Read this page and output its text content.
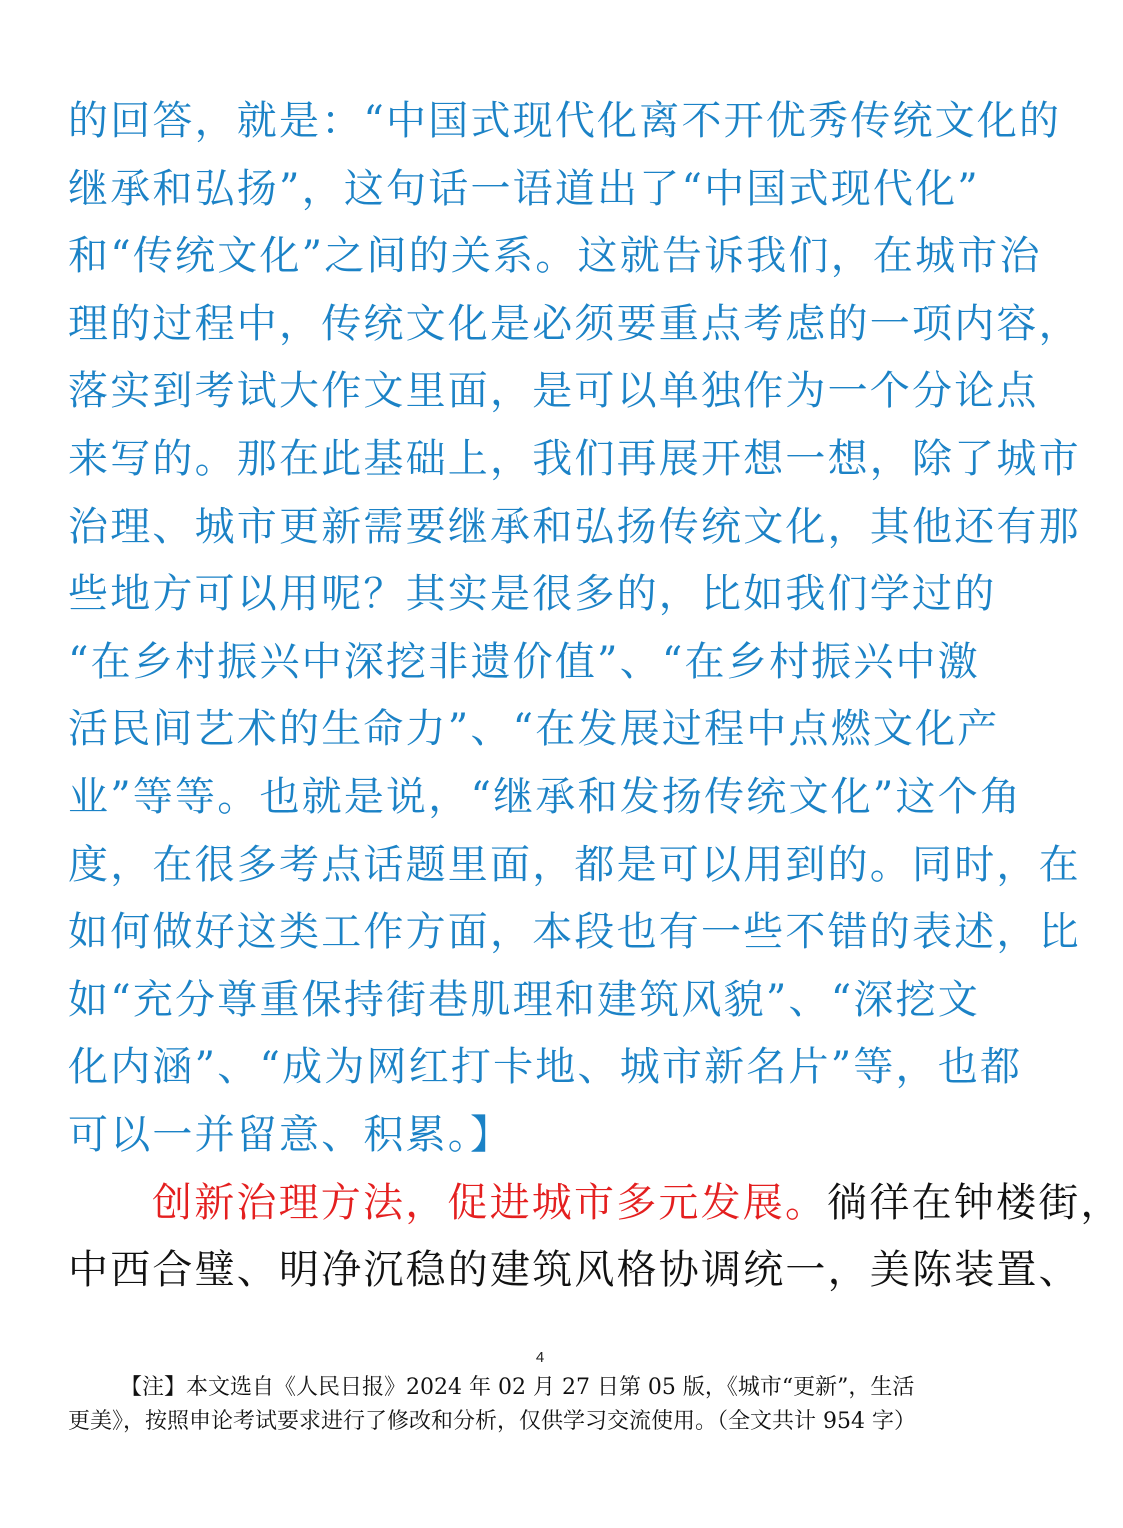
的回答，就是：“中国式现代化离不开优秀传统文化的
继承和弘扬”，这句话一语道出了“中国式现代化”
和“传统文化”之间的关系。这就告诉我们，在城市治
理的过程中，传统文化是必须要重点考虑的一项内容，
落实到考试大作文里面，是可以单独作为一个分论点
来写的。那在此基础上，我们再展开想一想，除了城市
治理、城市更新需要继承和弘扬传统文化，其他还有那
些地方可以用呢？其实是很多的，比如我们学过的
“在乡村振兴中深挖非遗价值”、“在乡村振兴中激
活民间艺术的生命力”、“在发展过程中点燃文化产
业”等等。也就是说，“继承和发扬传统文化”这个角
度，在很多考点话题里面，都是可以用到的。同时，在
如何做好这类工作方面，本段也有一些不错的表述，比
如“充分尊重保持街巷肌理和建筑风貌”、“深挖文
化内涵”、“成为网红打卡地、城市新名片”等，也都
可以一并留意、积累。】
创新治理方法，促进城市多元发展。徜徉在钟楼街，
中西合璧、明净沉稳的建筑风格协调统一，美陈装置、
4
【注】本文选自《人民日报》2024 年 02 月 27 日第 05 版，《城市“更新”，生活
更美》，按照申论考试要求进行了修改和分析，仅供学习交流使用。（全文共计 954 字）
